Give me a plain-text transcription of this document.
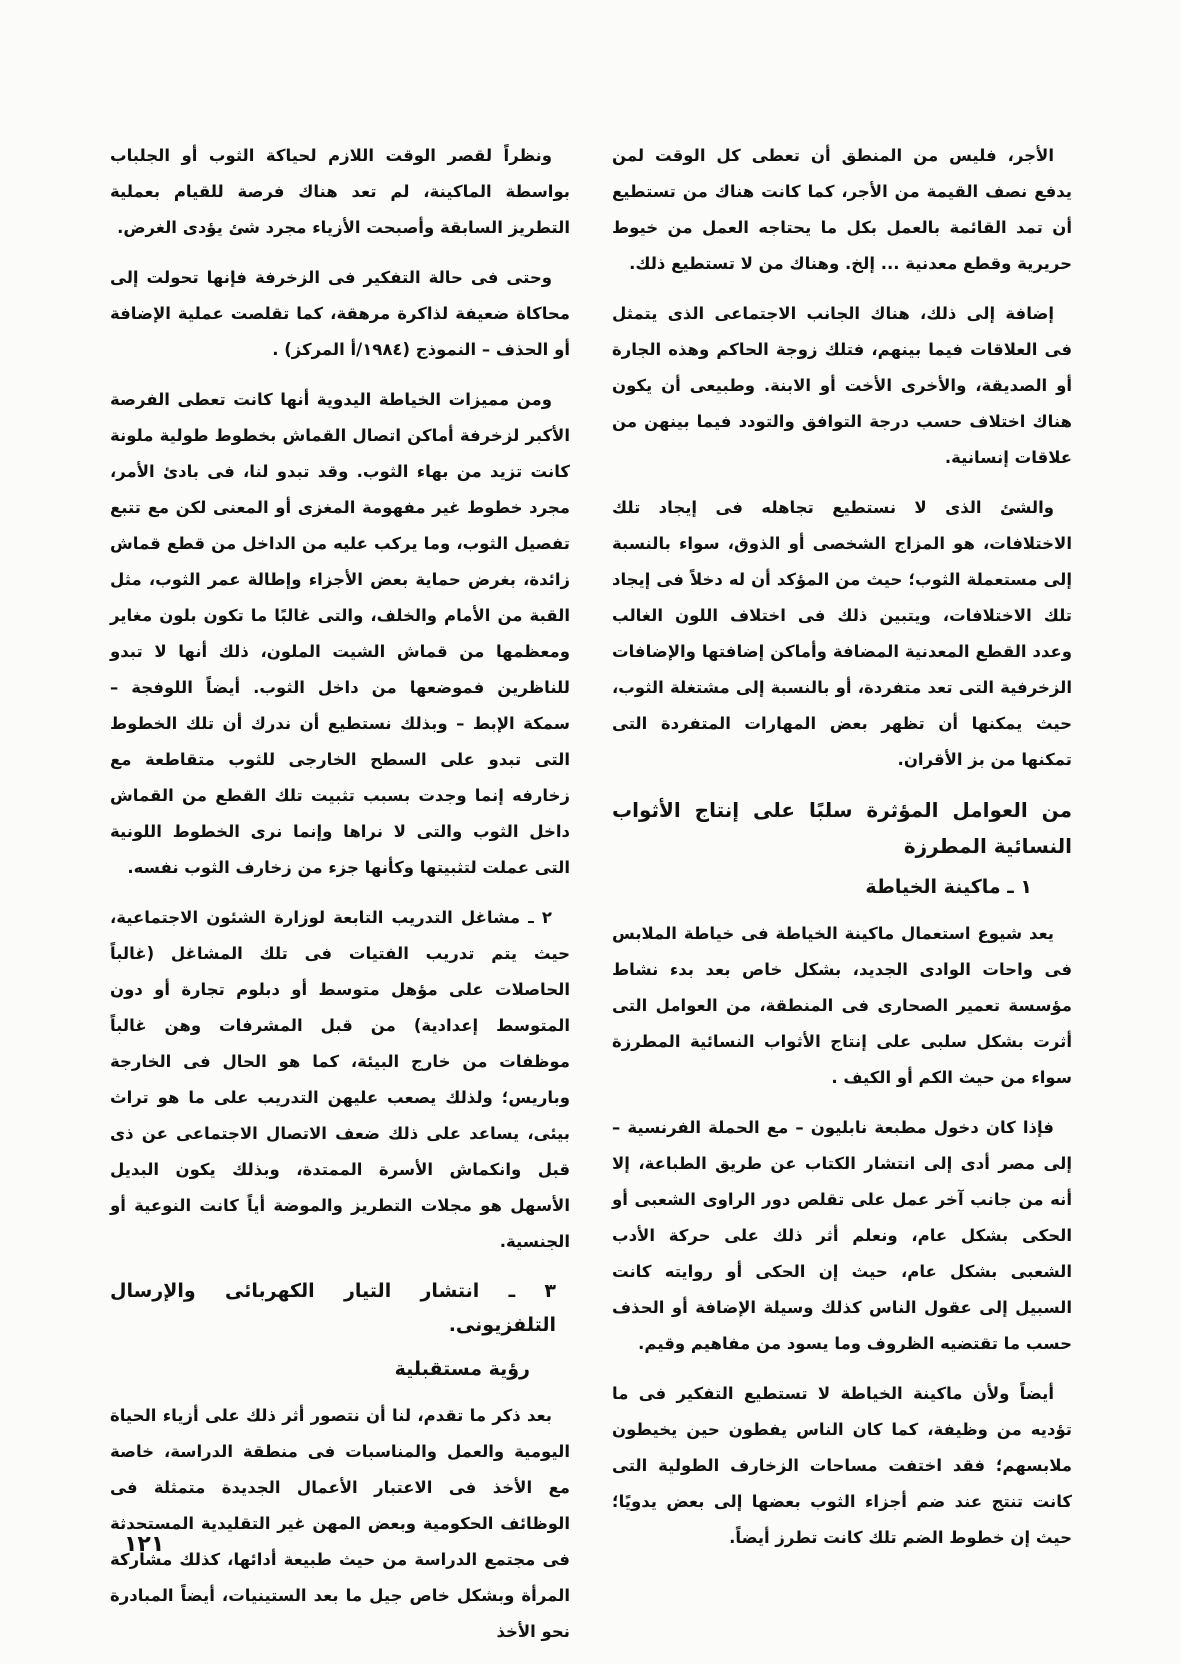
الأجر، فليس من المنطق أن تعطى كل الوقت لمن يدفع نصف القيمة من الأجر، كما كانت هناك من تستطيع أن تمد القائمة بالعمل بكل ما يحتاجه العمل من خيوط حريرية وقطع معدنية ... إلخ. وهناك من لا تستطيع ذلك.

إضافة إلى ذلك، هناك الجانب الاجتماعى الذى يتمثل فى العلاقات فيما بينهم، فتلك زوجة الحاكم وهذه الجارة أو الصديقة، والأخرى الأخت أو الابنة. وطبيعى أن يكون هناك اختلاف حسب درجة التوافق والتودد فيما بينهن من علاقات إنسانية.

والشئ الذى لا نستطيع تجاهله فى إيجاد تلك الاختلافات، هو المزاج الشخصى أو الذوق، سواء بالنسبة إلى مستعملة الثوب؛ حيث من المؤكد أن له دخلاً فى إيجاد تلك الاختلافات، ويتبين ذلك فى اختلاف اللون الغالب وعدد القطع المعدنية المضافة وأماكن إضافتها والإضافات الزخرفية التى تعد متفردة، أو بالنسبة إلى مشتغلة الثوب، حيث يمكنها أن تظهر بعض المهارات المتفردة التى تمكنها من بز الأقران.

من العوامل المؤثرة سلبًا على إنتاج الأثواب النسائية المطرزة
١ ـ ماكينة الخياطة

يعد شيوع استعمال ماكينة الخياطة فى خياطة الملابس فى واحات الوادى الجديد، بشكل خاص بعد بدء نشاط مؤسسة تعمير الصحارى فى المنطقة، من العوامل التى أثرت بشكل سلبى على إنتاج الأثواب النسائية المطرزة سواء من حيث الكم أو الكيف .

فإذا كان دخول مطبعة نابليون – مع الحملة الفرنسية – إلى مصر أدى إلى انتشار الكتاب عن طريق الطباعة، إلا أنه من جانب آخر عمل على تقلص دور الراوى الشعبى أو الحكى بشكل عام، ونعلم أثر ذلك على حركة الأدب الشعبى بشكل عام، حيث إن الحكى أو روايته كانت السبيل إلى عقول الناس كذلك وسيلة الإضافة أو الحذف حسب ما تقتضيه الظروف وما يسود من مفاهيم وقيم.

أيضاً ولأن ماكينة الخياطة لا تستطيع التفكير فى ما تؤديه من وظيفة، كما كان الناس يفطون حين يخيطون ملابسهم؛ فقد اختفت مساحات الزخارف الطولية التى كانت تنتج عند ضم أجزاء الثوب بعضها إلى بعض يدويًا؛ حيث إن خطوط الضم تلك كانت تطرز أيضاً.

ونظراً لقصر الوقت اللازم لحياكة الثوب أو الجلباب بواسطة الماكينة، لم تعد هناك فرصة للقيام بعملية التطريز السابقة وأصبحت الأزياء مجرد شئ يؤدى الغرض.

وحتى فى حالة التفكير فى الزخرفة فإنها تحولت إلى محاكاة ضعيفة لذاكرة مرهقة، كما تقلصت عملية الإضافة أو الحذف – النموذج (١٩٨٤/أ المركز) .

ومن مميزات الخياطة اليدوية أنها كانت تعطى الفرصة الأكبر لزخرفة أماكن اتصال القماش بخطوط طولية ملونة كانت تزيد من بهاء الثوب. وقد تبدو لنا، فى بادئ الأمر، مجرد خطوط غير مفهومة المغزى أو المعنى لكن مع تتبع تفصيل الثوب، وما يركب عليه من الداخل من قطع قماش زائدة، بغرض حماية بعض الأجزاء وإطالة عمر الثوب، مثل القبة من الأمام والخلف، والتى غالبًا ما تكون بلون مغاير ومعظمها من قماش الشيت الملون، ذلك أنها لا تبدو للناظرين فموضعها من داخل الثوب. أيضاً اللوفجة – سمكة الإبط – وبذلك نستطيع أن ندرك أن تلك الخطوط التى تبدو على السطح الخارجى للثوب متقاطعة مع زخارفه إنما وجدت بسبب تثبيت تلك القطع من القماش داخل الثوب والتى لا نراها وإنما نرى الخطوط اللونية التى عملت لتثبيتها وكأنها جزء من زخارف الثوب نفسه.

٢ ـ مشاغل التدريب التابعة لوزارة الشئون الاجتماعية، حيث يتم تدريب الفتيات فى تلك المشاغل (غالباً الحاصلات على مؤهل متوسط أو دبلوم تجارة أو دون المتوسط إعدادية) من قبل المشرفات وهن غالباً موظفات من خارج البيئة، كما هو الحال فى الخارجة وباريس؛ ولذلك يصعب عليهن التدريب على ما هو تراث بيئى، يساعد على ذلك ضعف الاتصال الاجتماعى عن ذى قبل وانكماش الأسرة الممتدة، وبذلك يكون البديل الأسهل هو مجلات التطريز والموضة أياً كانت النوعية أو الجنسية.

٣ ـ انتشار التيار الكهربائى والإرسال التلفزيونى.
رؤية مستقبلية

بعد ذكر ما تقدم، لنا أن نتصور أثر ذلك على أزياء الحياة اليومية والعمل والمناسبات فى منطقة الدراسة، خاصة مع الأخذ فى الاعتبار الأعمال الجديدة متمثلة فى الوظائف الحكومية وبعض المهن غير التقليدية المستحدثة فى مجتمع الدراسة من حيث طبيعة أدائها، كذلك مشاركة المرأة وبشكل خاص جيل ما بعد الستينيات، أيضاً المبادرة نحو الأخذ

١٢١
